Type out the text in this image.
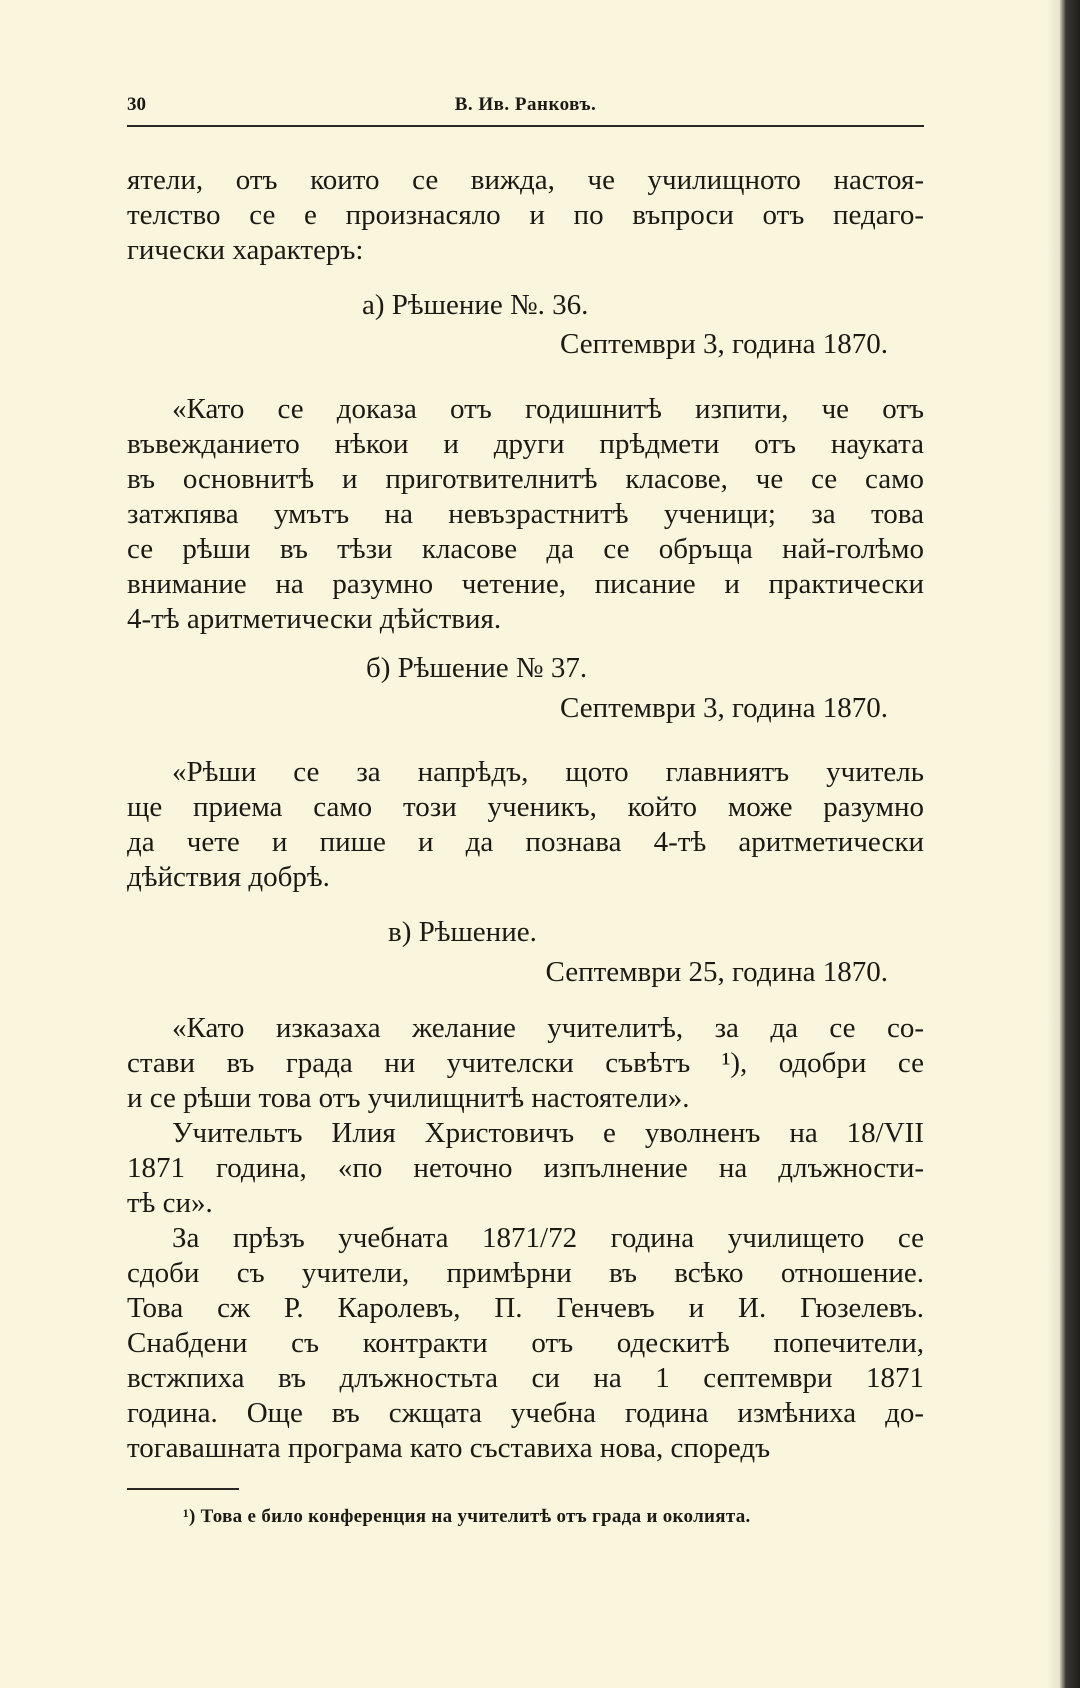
30	В. Ив. Ранковъ.
ятели, отъ които се вижда, че училищното настоя-
телство се е произнасяло и по въпроси отъ педаго-
гически характеръ:
а) Рѣшение №. 36.
Септември 3, година 1870.
«Като се доказа отъ годишнитѣ изпити, че отъ
въвежданието нѣкои и други прѣдмети отъ науката
въ основнитѣ и приготвителнитѣ класове, че се само
затжпява умътъ на невъзрастнитѣ ученици; за това
се рѣши въ тѣзи класове да се обръща най-голѣмо
внимание на разумно четение, писание и практически
4-тѣ аритметически дѣйствия.
б) Рѣшение № 37.
Септември 3, година 1870.
«Рѣши се за напрѣдъ, щото главниятъ учитель
ще приема само този ученикъ, който може разумно
да чете и пише и да познава 4-тѣ аритметически
дѣйствия добрѣ.
в) Рѣшение.
Септември 25, година 1870.
«Като изказаха желание учителитѣ, за да се со-
стави въ града ни учителски съвѣтъ ¹), одобри се
и се рѣши това отъ училищнитѣ настоятели».
Учительтъ Илия Христовичъ е уволненъ на 18/VII
1871 година, «по неточно изпълнение на длъжности-
тѣ си».
За прѣзъ учебната 1871/72 година училището се
сдоби съ учители, примѣрни въ всѣко отношение.
Това сж Р. Каролевъ, П. Генчевъ и И. Гюзелевъ.
Снабдени съ контракти отъ одескитѣ попечители,
встжпиха въ длъжностьта си на 1 септември 1871
година. Още въ сжщата учебна година измѣниха до-
тогавашната програма като съставиха нова, споредъ
¹) Това е било конференция на учителитѣ отъ града и околията.
